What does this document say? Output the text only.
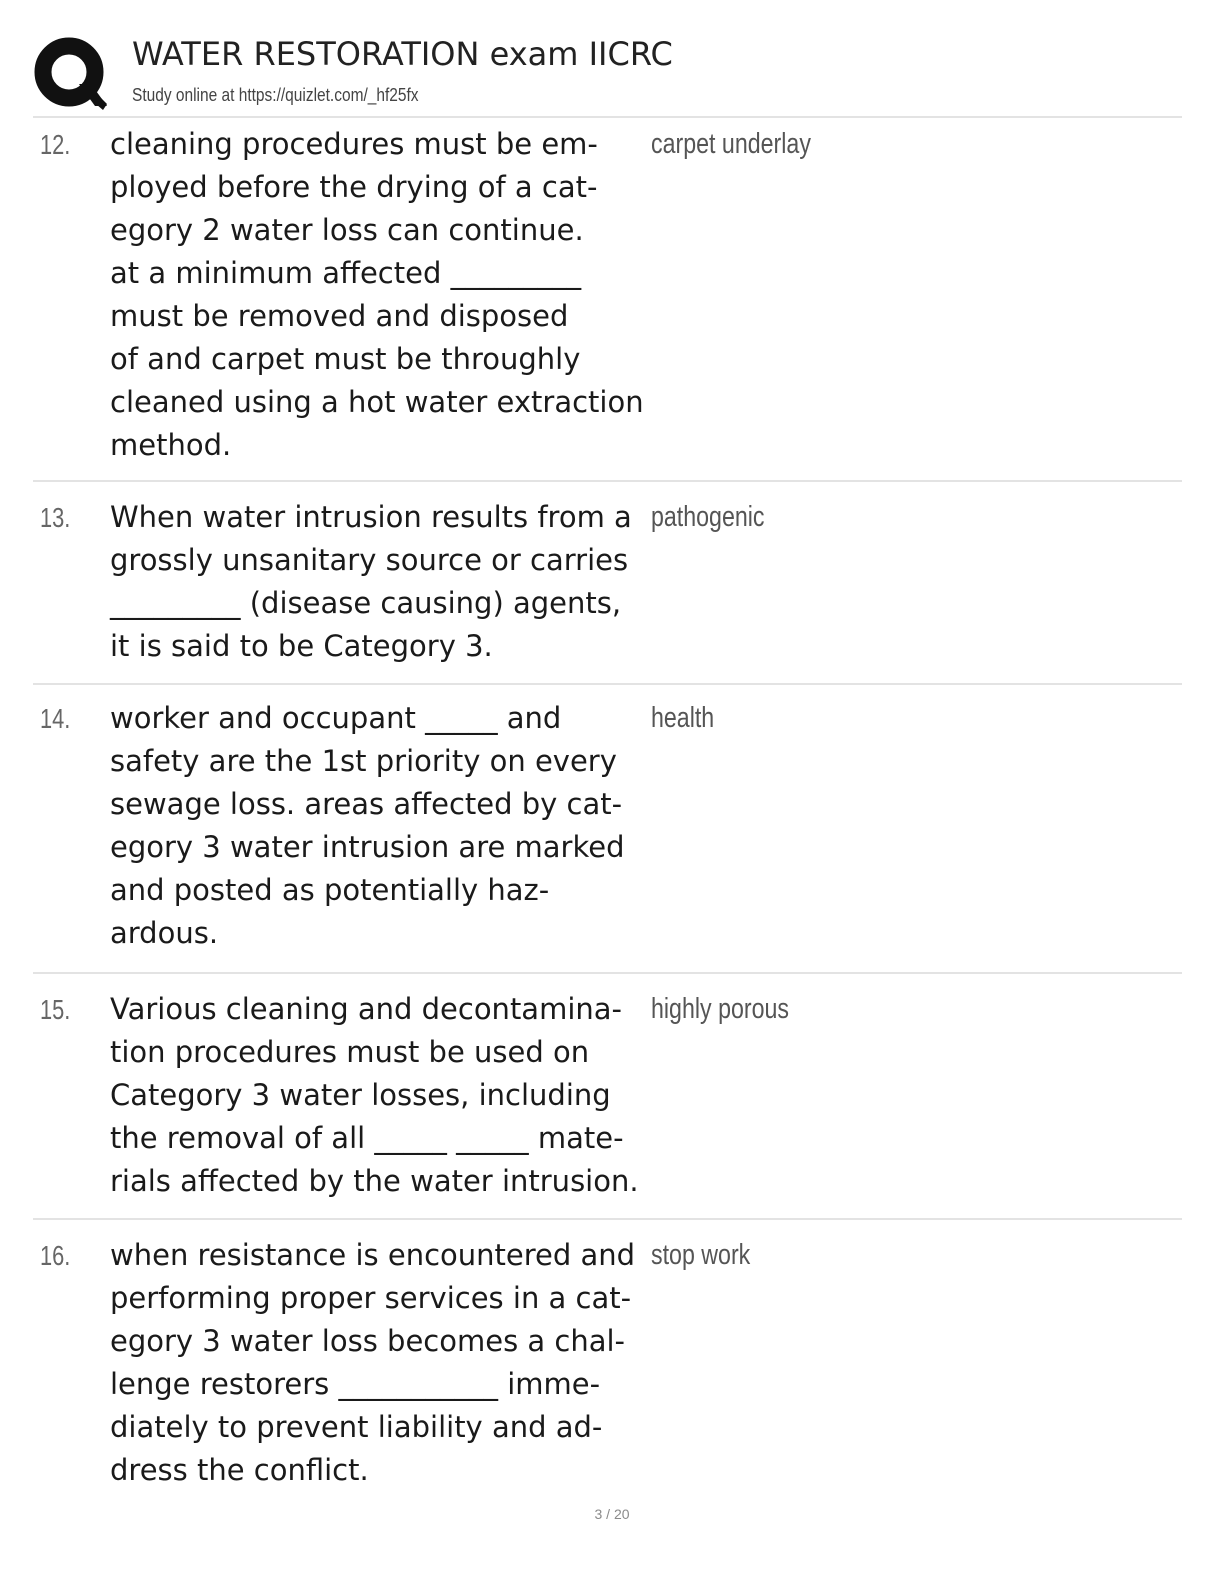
WATER RESTORATION exam IICRC
Study online at https://quizlet.com/_hf25fx
12. cleaning procedures must be em-
ployed before the drying of a cat-
egory 2 water loss can continue.
at a minimum affected _________
must be removed and disposed
of and carpet must be throughly
cleaned using a hot water extraction
method.
carpet underlay
13. When water intrusion results from a
grossly unsanitary source or carries
_________ (disease causing) agents,
it is said to be Category 3.
pathogenic
14. worker and occupant _____ and
safety are the 1st priority on every
sewage loss. areas affected by cat-
egory 3 water intrusion are marked
and posted as potentially haz-
ardous.
health
15. Various cleaning and decontamina-
tion procedures must be used on
Category 3 water losses, including
the removal of all _____ _____ mate-
rials affected by the water intrusion.
highly porous
16. when resistance is encountered and
performing proper services in a cat-
egory 3 water loss becomes a chal-
lenge restorers ___________ imme-
diately to prevent liability and ad-
dress the conflict.
stop work
3 / 20
